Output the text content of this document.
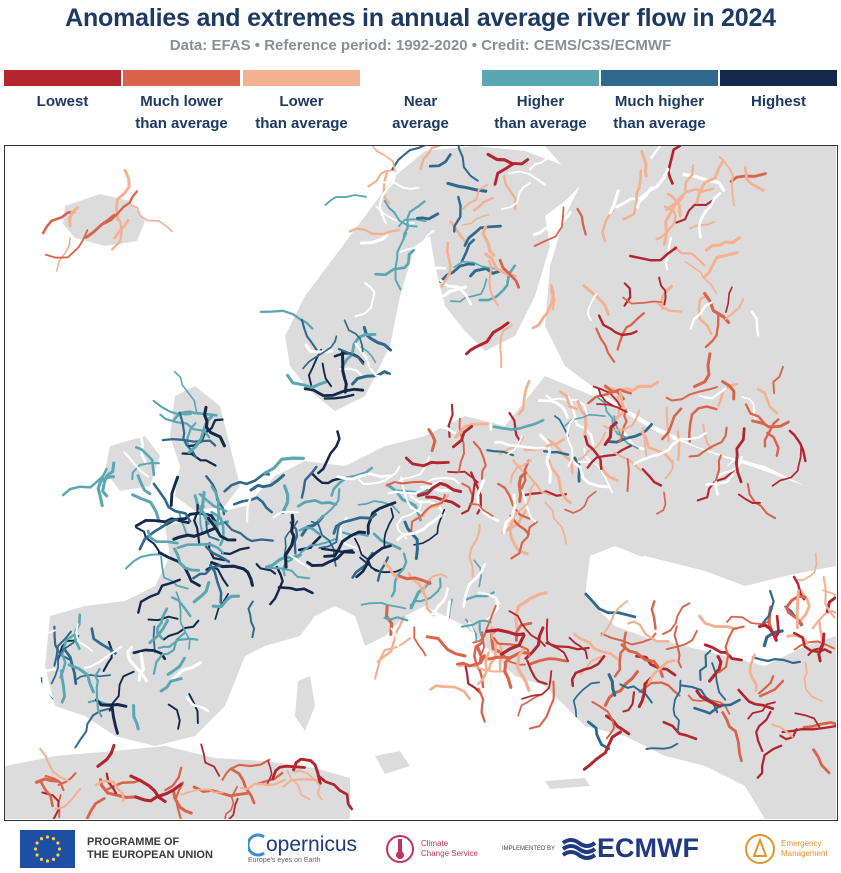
Anomalies and extremes in annual average river flow in 2024
Data: EFAS • Reference period: 1992-2020 • Credit: CEMS/C3S/ECMWF
Lowest	Much lower
than average
Lower
than average
Near
average
Higher
than average
Much higher
than average
Highest

PROGRAMME OF
THE EUROPEAN UNION	opernicus
Europe's eyes on Earth
Climate
Change Service	IMPLEMENTED BY ECMWF	Emergency
Management
